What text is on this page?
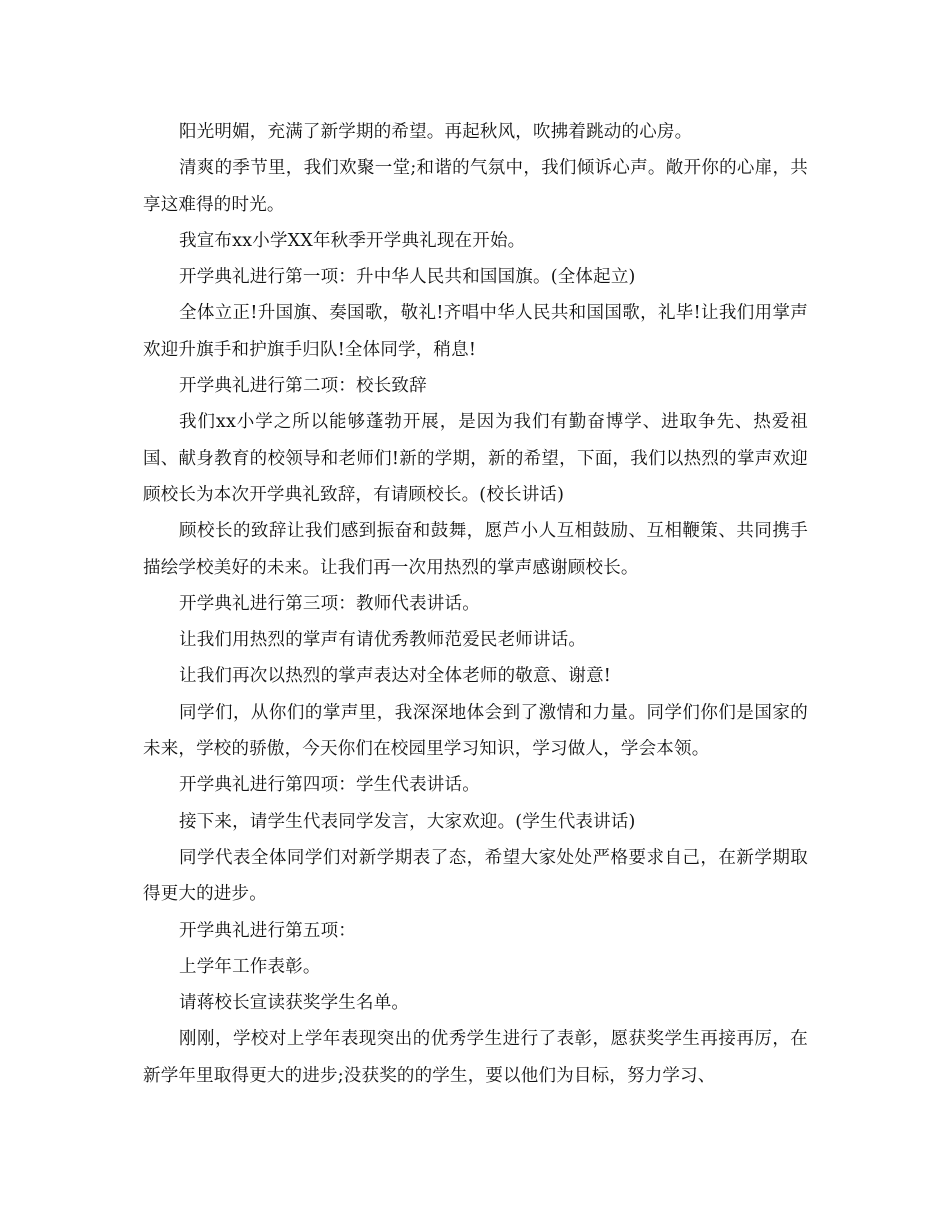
阳光明媚，充满了新学期的希望。再起秋风，吹拂着跳动的心房。

清爽的季节里，我们欢聚一堂;和谐的气氛中，我们倾诉心声。敞开你的心扉，共享这难得的时光。

我宣布xx小学XX年秋季开学典礼现在开始。

开学典礼进行第一项：升中华人民共和国国旗。(全体起立)

全体立正!升国旗、奏国歌，敬礼!齐唱中华人民共和国国歌，礼毕!让我们用掌声欢迎升旗手和护旗手归队!全体同学，稍息!

开学典礼进行第二项：校长致辞

我们xx小学之所以能够蓬勃开展，是因为我们有勤奋博学、进取争先、热爱祖国、献身教育的校领导和老师们!新的学期，新的希望，下面，我们以热烈的掌声欢迎顾校长为本次开学典礼致辞，有请顾校长。(校长讲话)

顾校长的致辞让我们感到振奋和鼓舞，愿芦小人互相鼓励、互相鞭策、共同携手描绘学校美好的未来。让我们再一次用热烈的掌声感谢顾校长。

开学典礼进行第三项：教师代表讲话。

让我们用热烈的掌声有请优秀教师范爱民老师讲话。

让我们再次以热烈的掌声表达对全体老师的敬意、谢意!

同学们，从你们的掌声里，我深深地体会到了激情和力量。同学们你们是国家的未来，学校的骄傲，今天你们在校园里学习知识，学习做人，学会本领。

开学典礼进行第四项：学生代表讲话。

接下来，请学生代表同学发言，大家欢迎。(学生代表讲话)

同学代表全体同学们对新学期表了态，希望大家处处严格要求自己，在新学期取得更大的进步。

开学典礼进行第五项：

上学年工作表彰。

请蒋校长宣读获奖学生名单。

刚刚，学校对上学年表现突出的优秀学生进行了表彰，愿获奖学生再接再厉，在新学年里取得更大的进步;没获奖的的学生，要以他们为目标，努力学习、
